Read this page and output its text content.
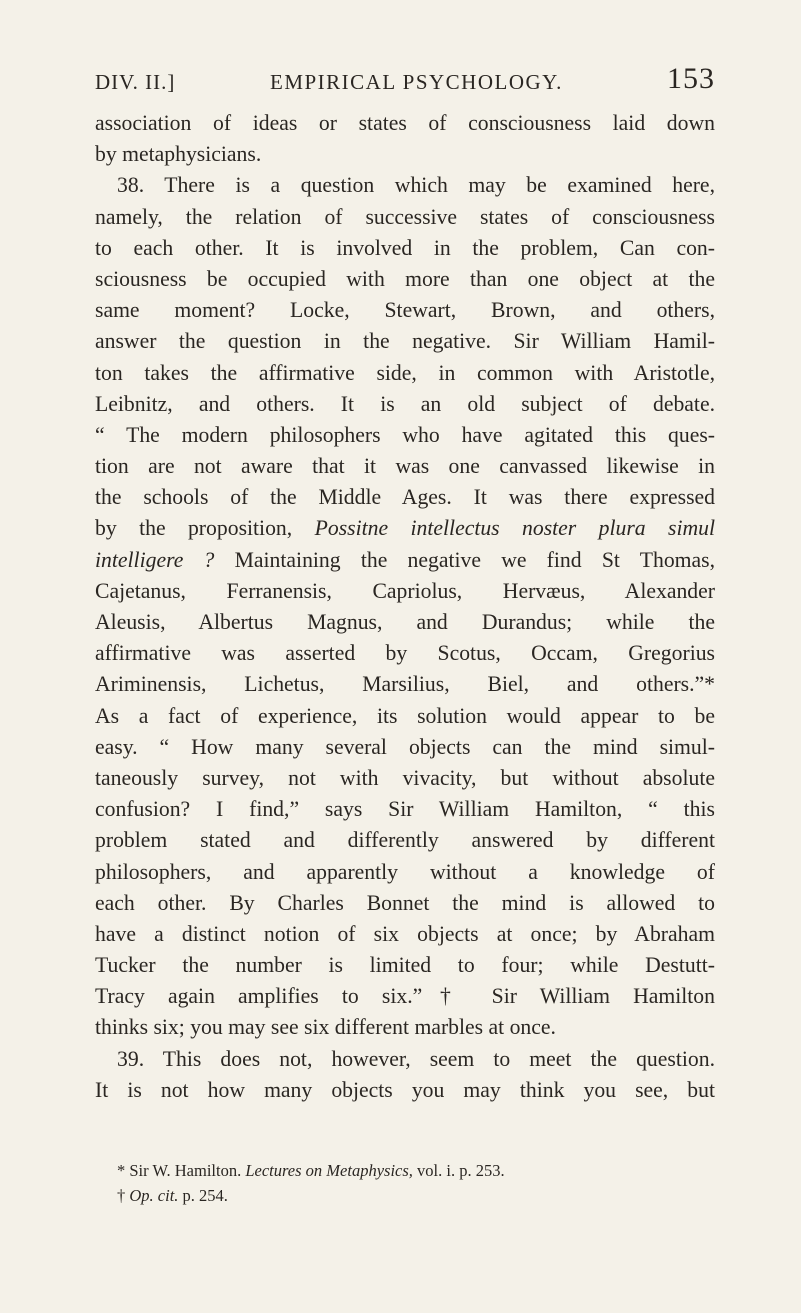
DIV. II.]	EMPIRICAL PSYCHOLOGY.	153
association of ideas or states of consciousness laid down
by metaphysicians.
38. There is a question which may be examined here,
namely, the relation of successive states of consciousness
to each other. It is involved in the problem, Can con-
sciousness be occupied with more than one object at the
same moment? Locke, Stewart, Brown, and others,
answer the question in the negative. Sir William Hamil-
ton takes the affirmative side, in common with Aristotle,
Leibnitz, and others. It is an old subject of debate.
“ The modern philosophers who have agitated this ques-
tion are not aware that it was one canvassed likewise in
the schools of the Middle Ages. It was there expressed
by the proposition, Possitne intellectus noster plura simul
intelligere ? Maintaining the negative we find St Thomas,
Cajetanus, Ferranensis, Capriolus, Hervæus, Alexander
Aleusis, Albertus Magnus, and Durandus; while the
affirmative was asserted by Scotus, Occam, Gregorius
Ariminensis, Lichetus, Marsilius, Biel, and others.”*
As a fact of experience, its solution would appear to be
easy. “ How many several objects can the mind simul-
taneously survey, not with vivacity, but without absolute
confusion? I find,” says Sir William Hamilton, “ this
problem stated and differently answered by different
philosophers, and apparently without a knowledge of
each other. By Charles Bonnet the mind is allowed to
have a distinct notion of six objects at once; by Abraham
Tucker the number is limited to four; while Destutt-
Tracy again amplifies to six.”† Sir William Hamilton
thinks six; you may see six different marbles at once.
39. This does not, however, seem to meet the question.
It is not how many objects you may think you see, but
* Sir W. Hamilton. Lectures on Metaphysics, vol. i. p. 253.
† Op. cit. p. 254.
